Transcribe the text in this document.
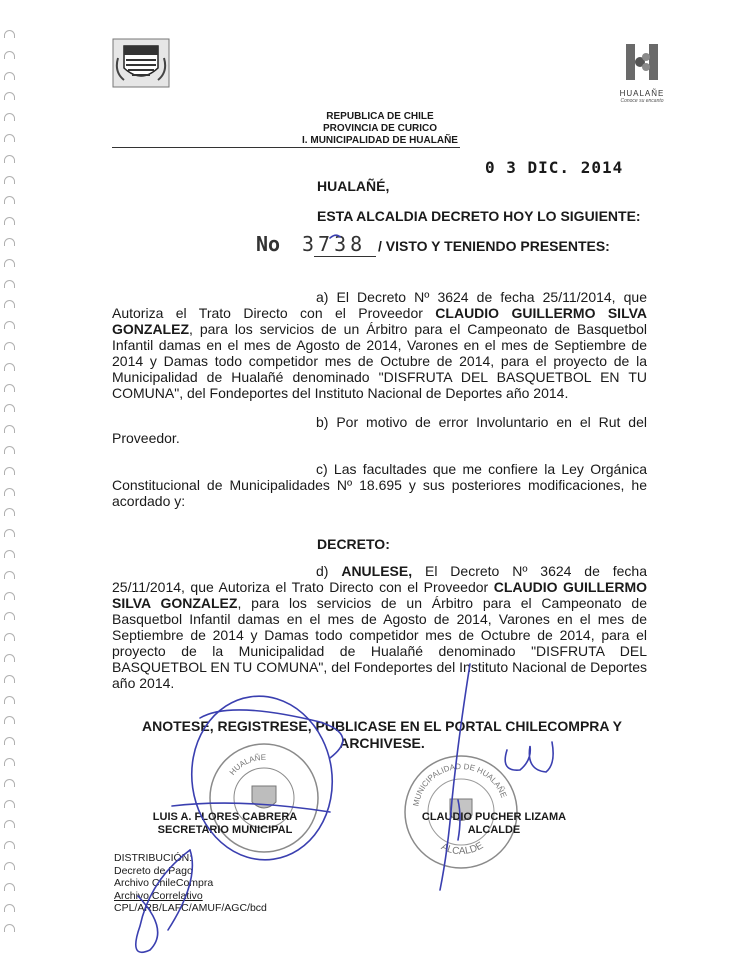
HUALAÑE
Conoce su encanto
REPUBLICA DE CHILE
PROVINCIA DE CURICO
I. MUNICIPALIDAD DE HUALAÑE
0 3 DIC. 2014
HUALAÑÉ,
ESTA ALCALDIA DECRETO HOY LO SIGUIENTE:
No 3738 / VISTO Y TENIENDO PRESENTES:
a) El Decreto Nº 3624 de fecha 25/11/2014, que Autoriza el Trato Directo con el Proveedor CLAUDIO GUILLERMO SILVA GONZALEZ, para los servicios de un Árbitro para el Campeonato de Basquetbol Infantil damas en el mes de Agosto de 2014, Varones en el mes de Septiembre de 2014 y Damas todo competidor mes de Octubre de 2014, para el proyecto de la Municipalidad de Hualañé denominado "DISFRUTA DEL BASQUETBOL EN TU COMUNA", del Fondeportes del Instituto Nacional de Deportes año 2014.
b) Por motivo de error Involuntario en el Rut del Proveedor.
c) Las facultades que me confiere la Ley Orgánica Constitucional de Municipalidades Nº 18.695 y sus posteriores modificaciones, he acordado y:
DECRETO:
d) ANULESE, El Decreto Nº 3624 de fecha 25/11/2014, que Autoriza el Trato Directo con el Proveedor CLAUDIO GUILLERMO SILVA GONZALEZ, para los servicios de un Árbitro para el Campeonato de Basquetbol Infantil damas en el mes de Agosto de 2014, Varones en el mes de Septiembre de 2014 y Damas todo competidor mes de Octubre de 2014, para el proyecto de la Municipalidad de Hualañé denominado "DISFRUTA DEL BASQUETBOL EN TU COMUNA", del Fondeportes del Instituto Nacional de Deportes año 2014.
ANOTESE, REGISTRESE, PUBLICASE EN EL PORTAL CHILECOMPRA Y
ARCHIVESE.
HUALAÑE
MUNICIPALIDAD DE HUALAÑE
ALCALDE
LUIS A. FLORES CABRERA
SECRETARIO MUNICIPAL
CLAUDIO PUCHER LIZAMA
ALCALDE
DISTRIBUCIÓN:
Decreto de Pago
Archivo ChileCompra
Archivo Correlativo
CPL/ARB/LAFC/AMUF/AGC/bcd
